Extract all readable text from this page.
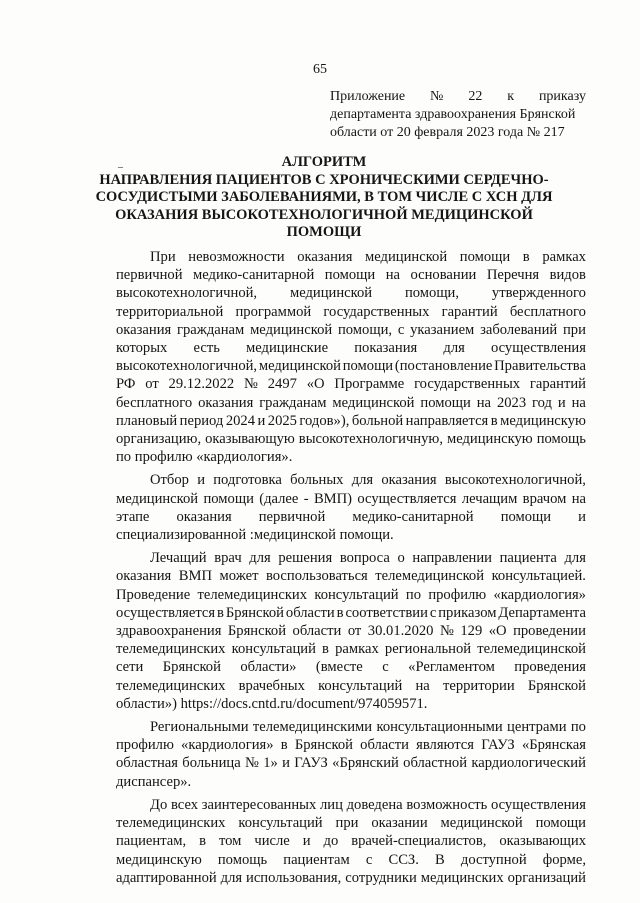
65
Приложение № 22 к приказу
департамента здравоохранения Брянской
области от 20 февраля 2023 года № 217
_	АЛГОРИТМ
НАПРАВЛЕНИЯ ПАЦИЕНТОВ С ХРОНИЧЕСКИМИ СЕРДЕЧНО-
СОСУДИСТЫМИ ЗАБОЛЕВАНИЯМИ, В ТОМ ЧИСЛЕ С ХСН ДЛЯ
ОКАЗАНИЯ ВЫСОКОТЕХНОЛОГИЧНОЙ МЕДИЦИНСКОЙ
ПОМОЩИ
При невозможности оказания медицинской помощи в рамках
первичной медико-санитарной помощи на основании Перечня видов
высокотехнологичной, медицинской помощи, утвержденного
территориальной программой государственных гарантий бесплатного
оказания гражданам медицинской помощи, с указанием заболеваний при
которых есть медицинские показания для осуществления
высокотехнологичной, медицинской помощи (постановление Правительства
РФ от 29.12.2022 № 2497 «О Программе государственных гарантий
бесплатного оказания гражданам медицинской помощи на 2023 год и на
плановый период 2024 и 2025 годов»), больной направляется в медицинскую
организацию, оказывающую высокотехнологичную, медицинскую помощь
по профилю «кардиология».
Отбор и подготовка больных для оказания высокотехнологичной,
медицинской помощи (далее - ВМП) осуществляется лечащим врачом на
этапе оказания первичной медико-санитарной помощи и
специализированной :медицинской помощи.
Лечащий врач для решения вопроса о направлении пациента для
оказания ВМП может воспользоваться телемедицинской консультацией.
Проведение телемедицинских консультаций по профилю «кардиология»
осуществляется в Брянской области в соответствии с приказом Департамента
здравоохранения Брянской области от 30.01.2020 № 129 «О проведении
телемедицинских консультаций в рамках региональной телемедицинской
сети Брянской области» (вместе с «Регламентом проведения
телемедицинских врачебных консультаций на территории Брянской
области») https://docs.cntd.ru/document/974059571.
Региональными телемедицинскими консультационными центрами по
профилю «кардиология» в Брянской области являются ГАУЗ «Брянская
областная больница № 1» и ГАУЗ «Брянский областной кардиологический
диспансер».
До всех заинтересованных лиц доведена возможность осуществления
телемедицинских консультаций при оказании медицинской помощи
пациентам, в том числе и до врачей-специалистов, оказывающих
медицинскую помощь пациентам с ССЗ. В доступной форме,
адаптированной для использования, сотрудники медицинских организаций
